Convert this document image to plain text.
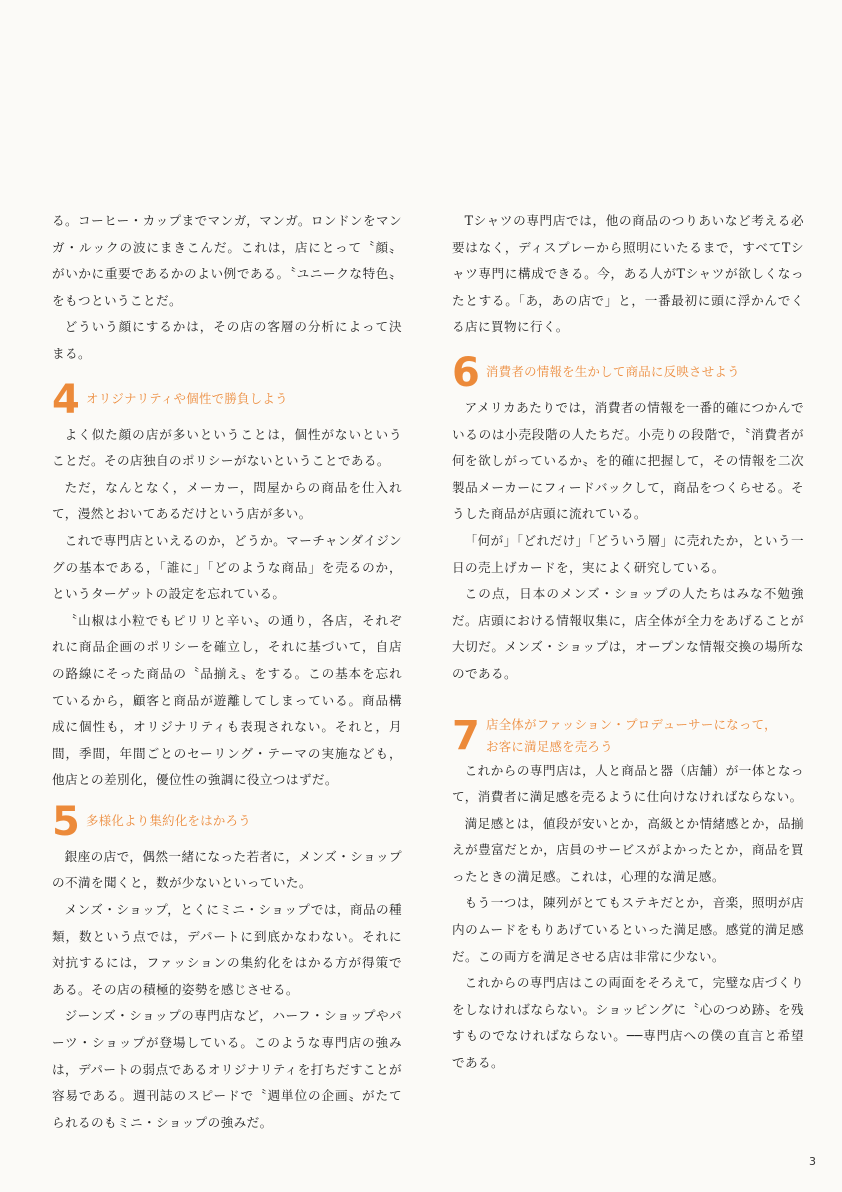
る。コーヒー・カップまでマンガ，マンガ。ロンドンをマンガ・ルックの波にまきこんだ。これは，店にとって〝顔〟がいかに重要であるかのよい例である。〝ユニークな特色〟をもつということだ。

どういう顔にするかは，その店の客層の分析によって決まる。

4 オリジナリティや個性で勝負しよう

よく似た顔の店が多いということは，個性がないということだ。その店独自のポリシーがないということである。

ただ，なんとなく，メーカー，問屋からの商品を仕入れて，漫然とおいてあるだけという店が多い。

これで専門店といえるのか，どうか。マーチャンダイジングの基本である，「誰に」「どのような商品」を売るのか，というターゲットの設定を忘れている。

〝山椒は小粒でもピリリと辛い〟の通り，各店，それぞれに商品企画のポリシーを確立し，それに基づいて，自店の路線にそった商品の〝品揃え〟をする。この基本を忘れているから，顧客と商品が遊離してしまっている。商品構成に個性も，オリジナリティも表現されない。それと，月間，季間，年間ごとのセーリング・テーマの実施なども，他店との差別化，優位性の強調に役立つはずだ。

5 多様化より集約化をはかろう

銀座の店で，偶然一緒になった若者に，メンズ・ショップの不満を聞くと，数が少ないといっていた。

メンズ・ショップ，とくにミニ・ショップでは，商品の種類，数という点では，デパートに到底かなわない。それに対抗するには，ファッションの集約化をはかる方が得策である。その店の積極的姿勢を感じさせる。

ジーンズ・ショップの専門店など，ハーフ・ショップやパーツ・ショップが登場している。このような専門店の強みは，デパートの弱点であるオリジナリティを打ちだすことが容易である。週刊誌のスピードで〝週単位の企画〟がたてられるのもミニ・ショップの強みだ。

Tシャツの専門店では，他の商品のつりあいなど考える必要はなく，ディスプレーから照明にいたるまで，すべてTシャツ専門に構成できる。今，ある人がTシャツが欲しくなったとする。「あ，あの店で」と，一番最初に頭に浮かんでくる店に買物に行く。

6 消費者の情報を生かして商品に反映させよう

アメリカあたりでは，消費者の情報を一番的確につかんでいるのは小売段階の人たちだ。小売りの段階で，〝消費者が何を欲しがっているか〟を的確に把握して，その情報を二次製品メーカーにフィードバックして，商品をつくらせる。そうした商品が店頭に流れている。

「何が」「どれだけ」「どういう層」に売れたか，という一日の売上げカードを，実によく研究している。

この点，日本のメンズ・ショップの人たちはみな不勉強だ。店頭における情報収集に，店全体が全力をあげることが大切だ。メンズ・ショップは，オープンな情報交換の場所なのである。

7 店全体がファッション・プロデューサーになって，
お客に満足感を売ろう

これからの専門店は，人と商品と器（店舗）が一体となって，消費者に満足感を売るように仕向けなければならない。

満足感とは，値段が安いとか，高級とか情緒感とか，品揃えが豊富だとか，店員のサービスがよかったとか，商品を買ったときの満足感。これは，心理的な満足感。

もう一つは，陳列がとてもステキだとか，音楽，照明が店内のムードをもりあげているといった満足感。感覚的満足感だ。この両方を満足させる店は非常に少ない。

これからの専門店はこの両面をそろえて，完璧な店づくりをしなければならない。ショッピングに〝心のつめ跡〟を残すものでなければならない。──専門店への僕の直言と希望である。

3
